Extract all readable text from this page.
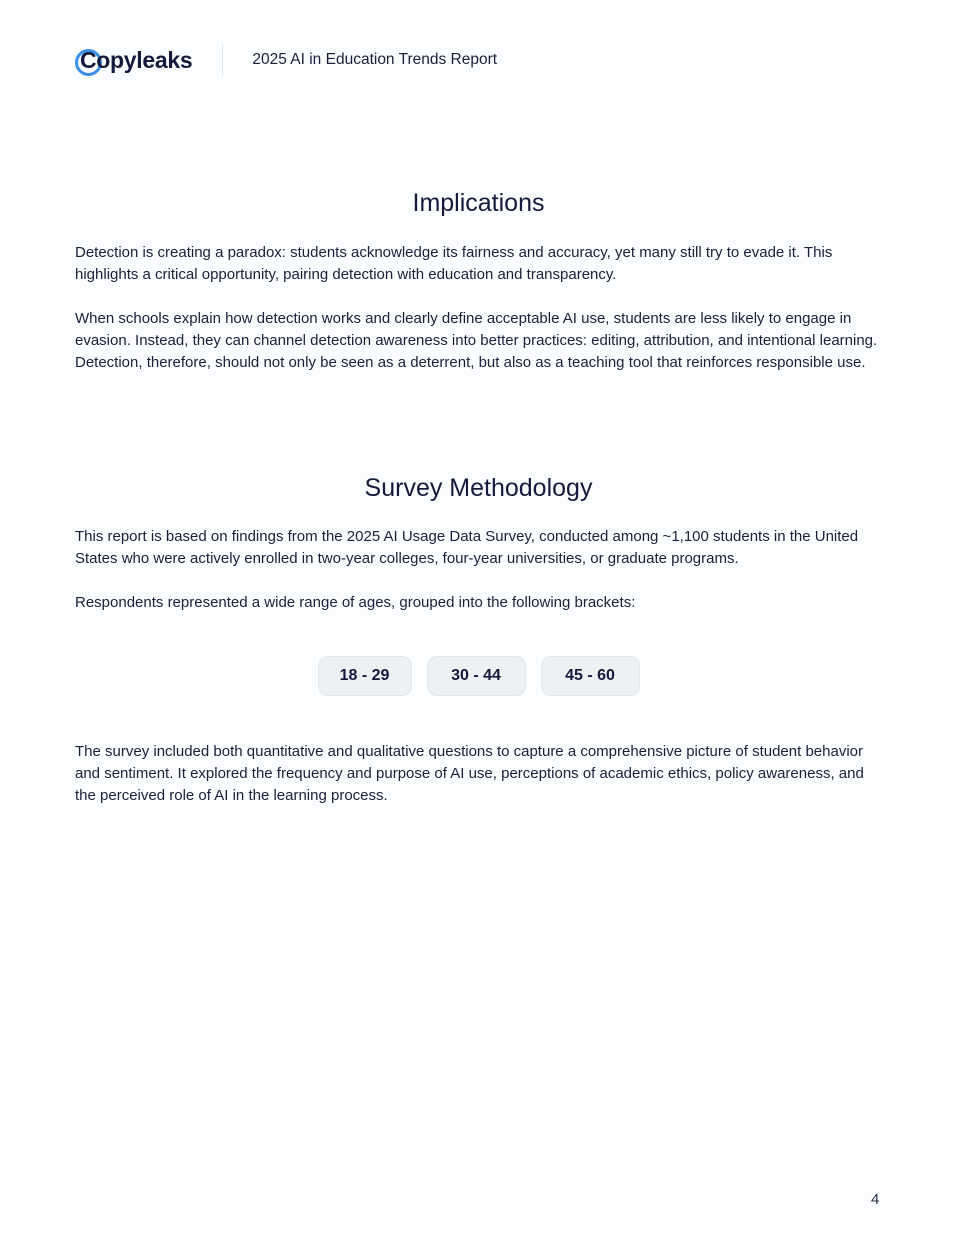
Copyleaks	2025 AI in Education Trends Report
Implications

Detection is creating a paradox: students acknowledge its fairness and accuracy, yet many still try to evade it. This highlights a critical opportunity, pairing detection with education and transparency.

When schools explain how detection works and clearly define acceptable AI use, students are less likely to engage in evasion. Instead, they can channel detection awareness into better practices: editing, attribution, and intentional learning. Detection, therefore, should not only be seen as a deterrent, but also as a teaching tool that reinforces responsible use.

Survey Methodology

This report is based on findings from the 2025 AI Usage Data Survey, conducted among ~1,100 students in the United States who were actively enrolled in two-year colleges, four-year universities, or graduate programs.

Respondents represented a wide range of ages, grouped into the following brackets:

18 - 29	30 - 44	45 - 60

The survey included both quantitative and qualitative questions to capture a comprehensive picture of student behavior and sentiment. It explored the frequency and purpose of AI use, perceptions of academic ethics, policy awareness, and the perceived role of AI in the learning process.

4
